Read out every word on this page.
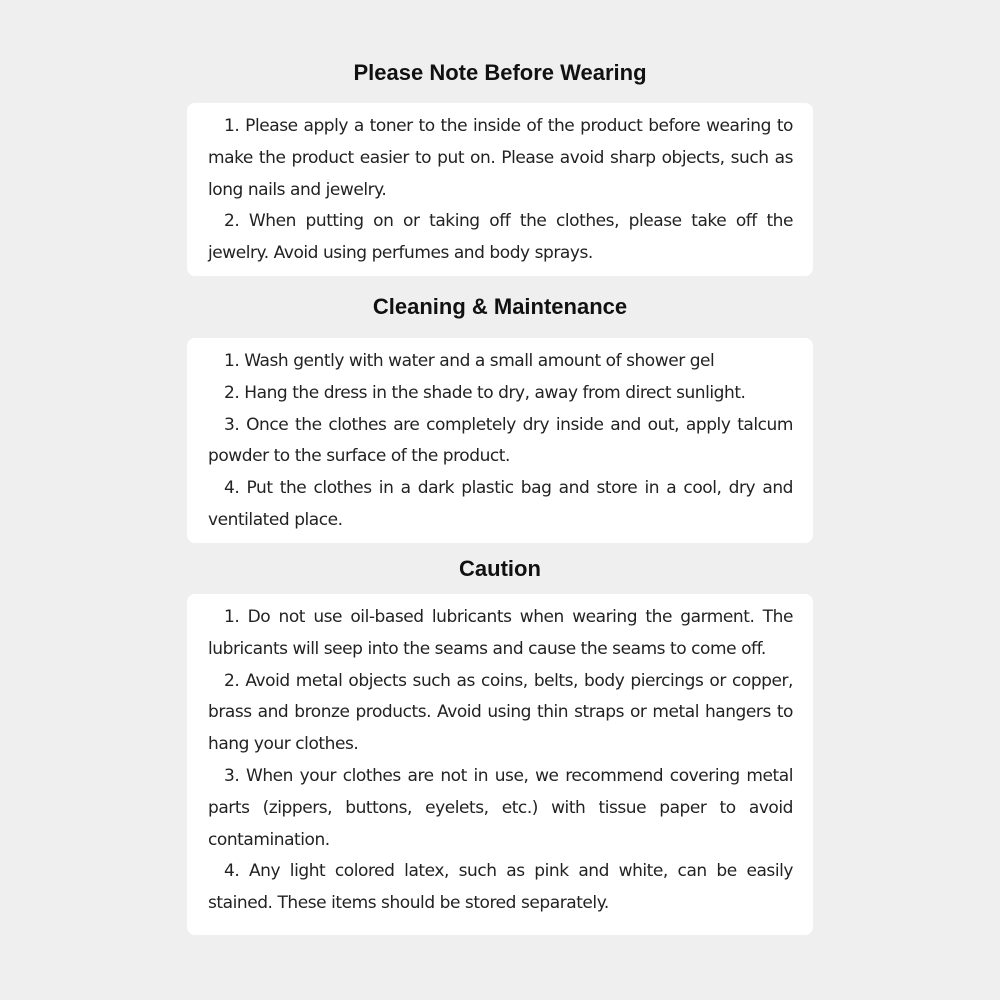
Please Note Before Wearing

1. Please apply a toner to the inside of the product before wearing to make the product easier to put on. Please avoid sharp objects, such as long nails and jewelry.

2. When putting on or taking off the clothes, please take off the jewelry. Avoid using perfumes and body sprays.

Cleaning & Maintenance

1. Wash gently with water and a small amount of shower gel

2. Hang the dress in the shade to dry, away from direct sunlight.

3. Once the clothes are completely dry inside and out, apply talcum powder to the surface of the product.

4. Put the clothes in a dark plastic bag and store in a cool, dry and ventilated place.

Caution

1. Do not use oil-based lubricants when wearing the garment. The lubricants will seep into the seams and cause the seams to come off.

2. Avoid metal objects such as coins, belts, body piercings or copper, brass and bronze products. Avoid using thin straps or metal hangers to hang your clothes.

3. When your clothes are not in use, we recommend covering metal parts (zippers, buttons, eyelets, etc.) with tissue paper to avoid contamination.

4. Any light colored latex, such as pink and white, can be easily stained. These items should be stored separately.
